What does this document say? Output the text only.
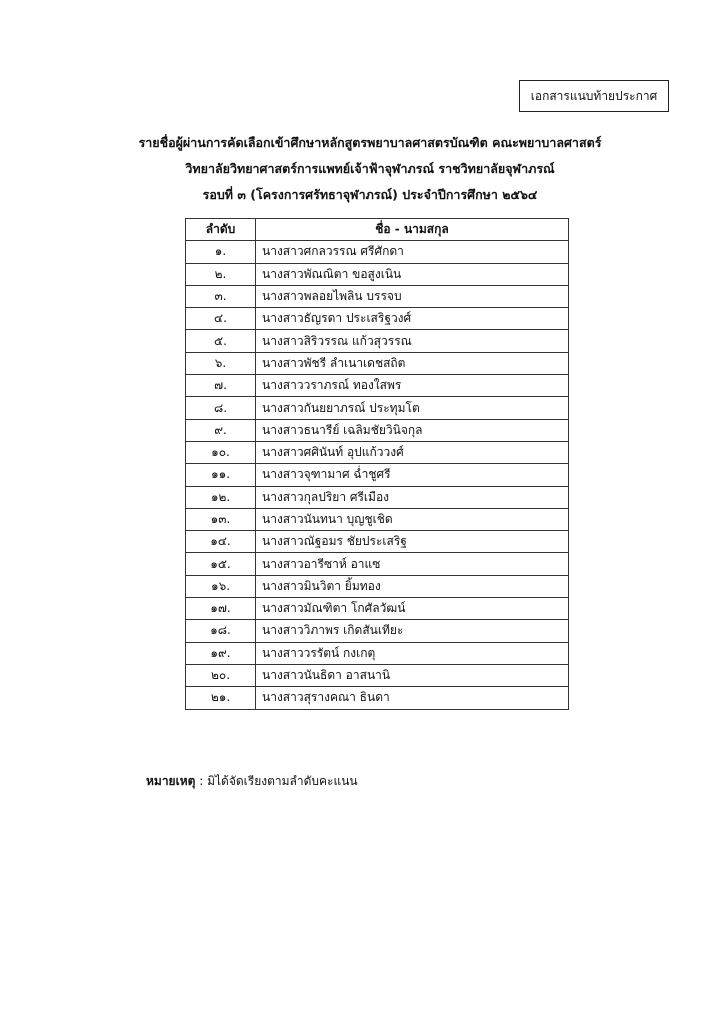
เอกสารแนบท้ายประกาศ
รายชื่อผู้ผ่านการคัดเลือกเข้าศึกษาหลักสูตรพยาบาลศาสตรบัณฑิต คณะพยาบาลศาสตร์
วิทยาลัยวิทยาศาสตร์การแพทย์เจ้าฟ้าจุฬาภรณ์ ราชวิทยาลัยจุฬาภรณ์
รอบที่ ๓ (โครงการศรัทธาจุฬาภรณ์) ประจำปีการศึกษา ๒๕๖๔
ลำดับ	ชื่อ - นามสกุล
๑.	นางสาวศกลวรรณ ศรีศักดา
๒.	นางสาวพัณณิตา ขอสูงเนิน
๓.	นางสาวพลอยไพลิน บรรจบ
๔.	นางสาวธัญรดา ประเสริฐวงศ์
๕.	นางสาวสิริวรรณ แก้วสุวรรณ
๖.	นางสาวพัชรี ลำเนาเดชสถิต
๗.	นางสาววราภรณ์ ทองใสพร
๘.	นางสาวกันยยาภรณ์ ประทุมโต
๙.	นางสาวธนารีย์ เฉลิมชัยวินิจกุล
๑๐.	นางสาวศศินันท์ อุปแก้ววงศ์
๑๑.	นางสาวจุฑามาศ ฉ่ำชูศรี
๑๒.	นางสาวกุลปริยา ศรีเมือง
๑๓.	นางสาวนันทนา บุญชูเชิด
๑๔.	นางสาวณัฐอมร ชัยประเสริฐ
๑๕.	นางสาวอารีซาห์ อาแซ
๑๖.	นางสาวมินวิตา ยิ้มทอง
๑๗.	นางสาวมัณฑิตา โกศัลวัฒน์
๑๘.	นางสาววิภาพร เกิดสันเทียะ
๑๙.	นางสาววรรัตน์ กงเกตุ
๒๐.	นางสาวนันธิดา อาสนานิ
๒๑.	นางสาวสุรางคณา ธินดา
หมายเหตุ : มิได้จัดเรียงตามลำดับคะแนน
